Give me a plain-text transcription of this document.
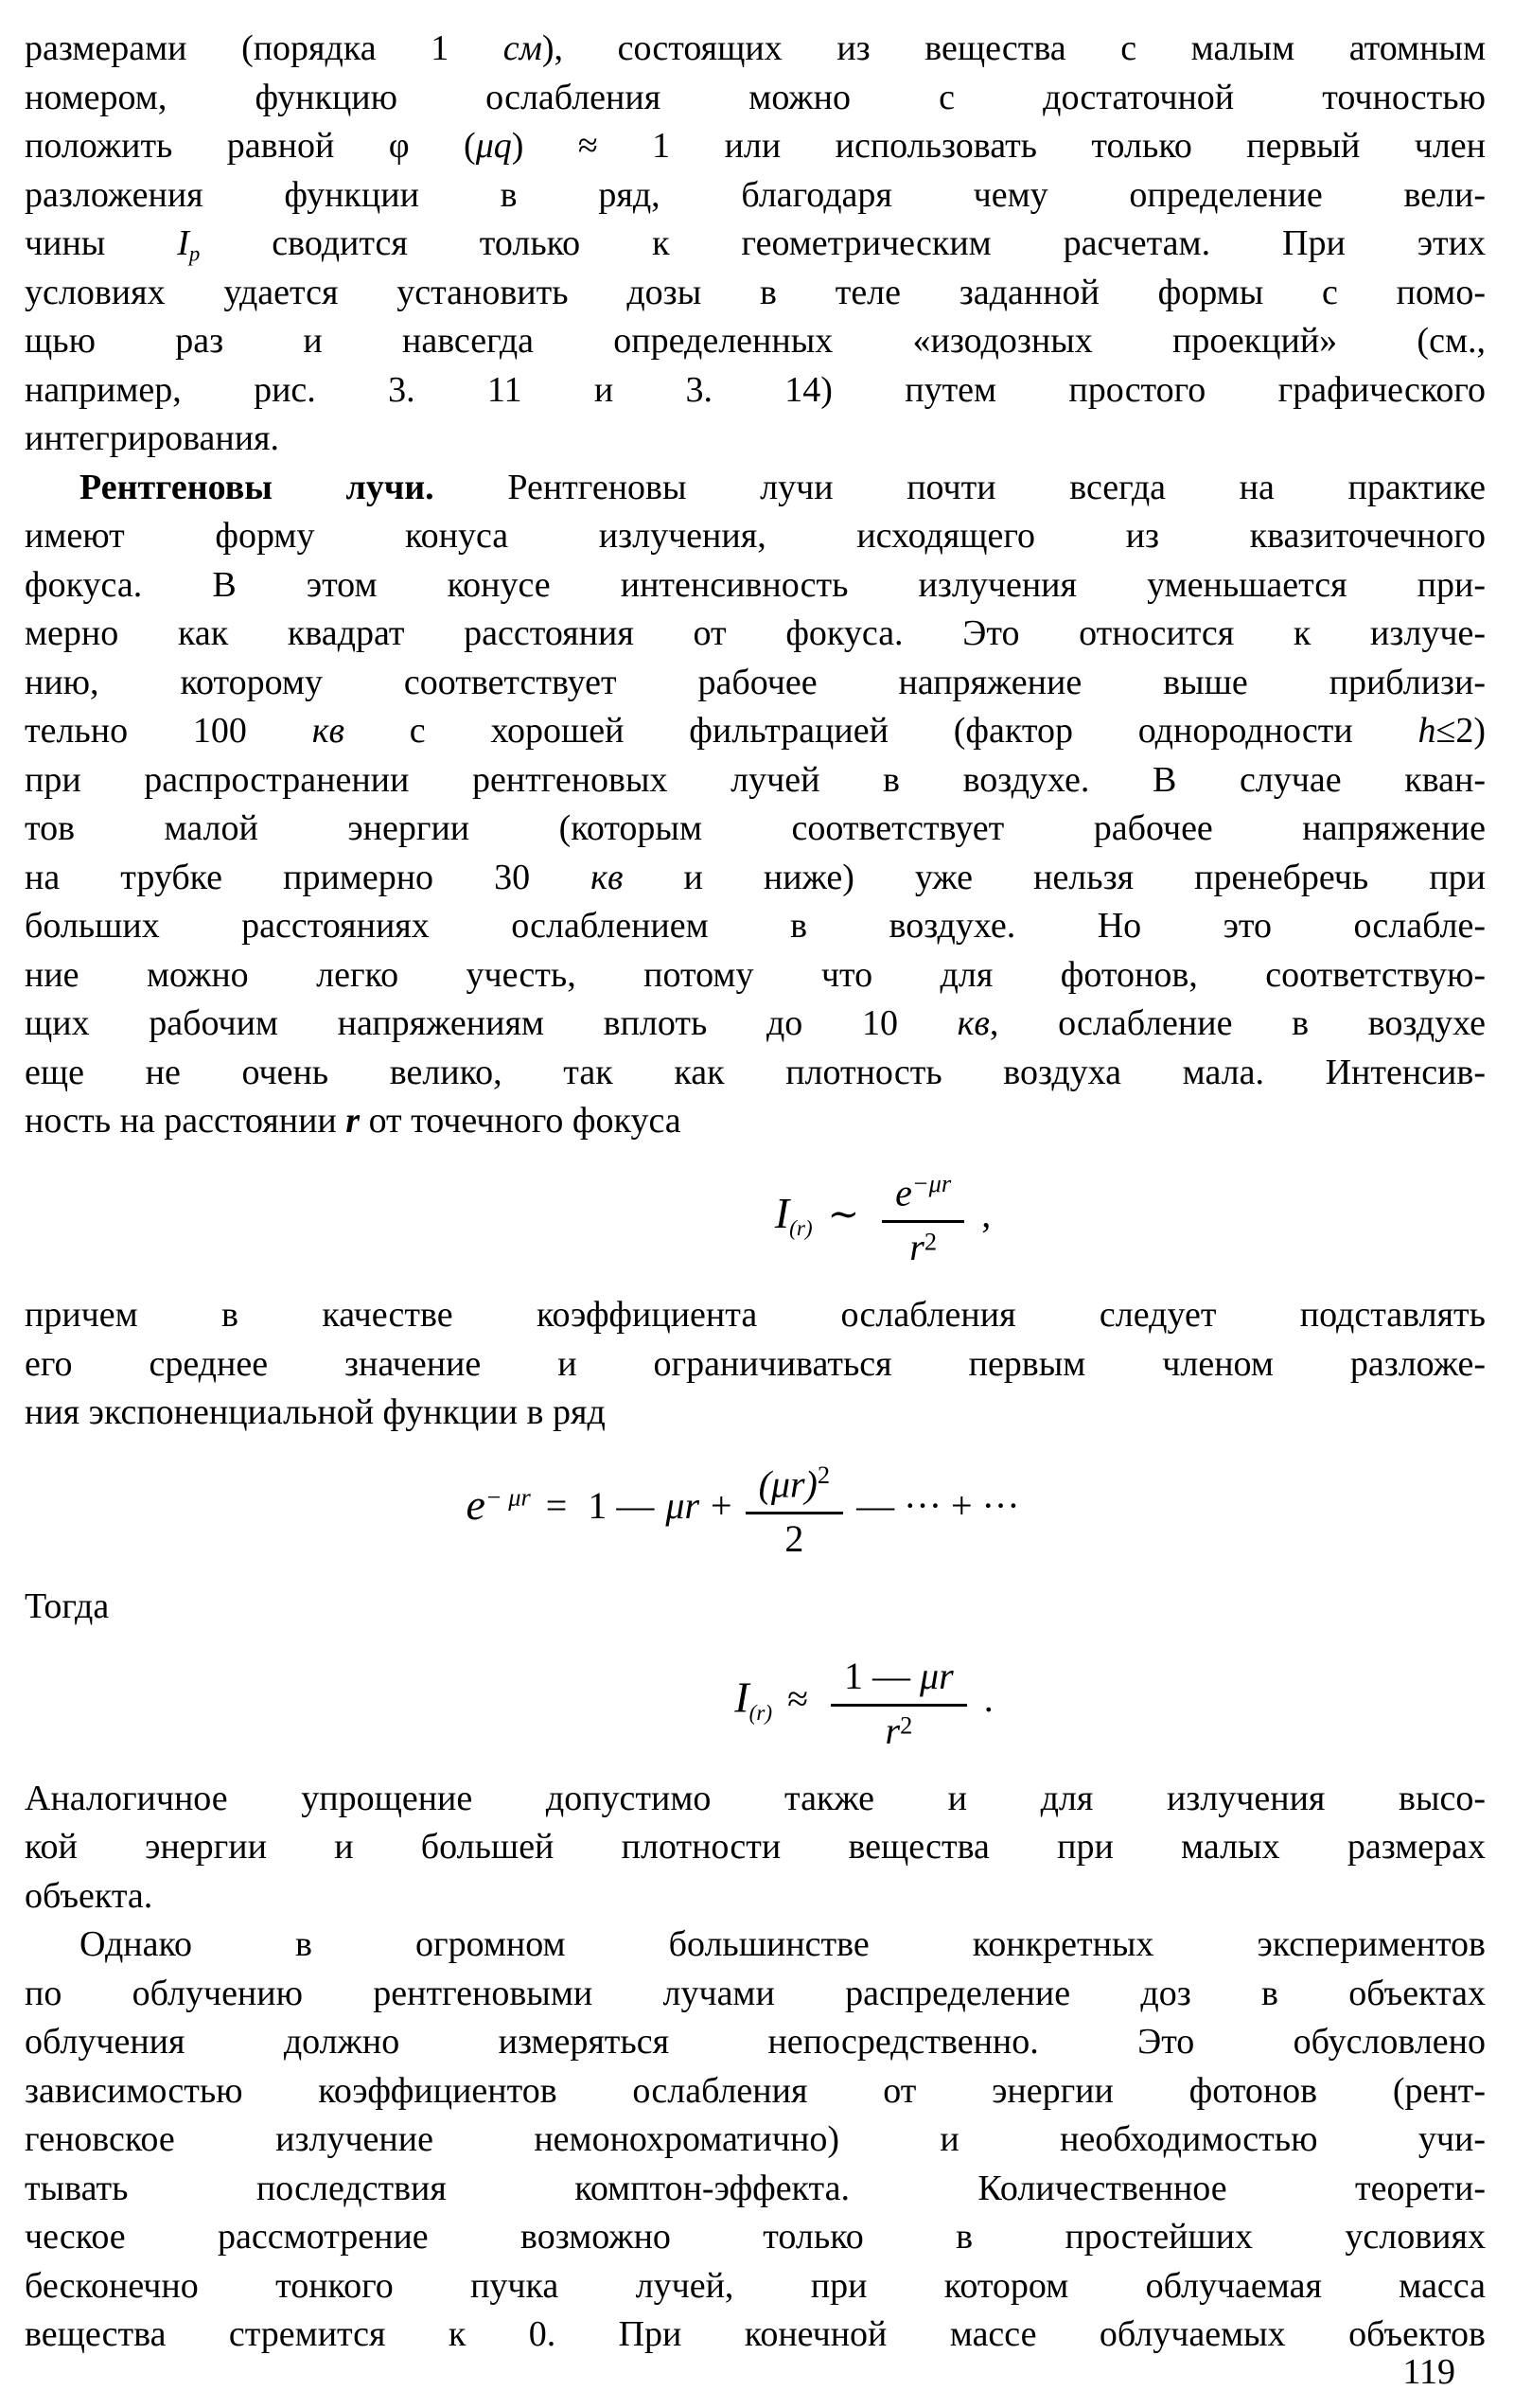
размерами (порядка 1 см), состоящих из вещества с малым атомным
номером, функцию ослабления можно с достаточной точностью
положить равной φ (μq) ≈ 1 или использовать только первый член
разложения функции в ряд, благодаря чему определение вели-
чины $I_p$ сводится только к геометрическим расчетам. При этих
условиях удается установить дозы в теле заданной формы с помо-
щью раз и навсегда определенных «изодозных проекций» (см.,
например, рис. 3. 11 и 3. 14) путем простого графического
интегрирования.
Рентгеновы лучи. Рентгеновы лучи почти всегда на практике
имеют форму конуса излучения, исходящего из квазиточечного
фокуса. В этом конусе интенсивность излучения уменьшается при-
мерно как квадрат расстояния от фокуса. Это относится к излуче-
нию, которому соответствует рабочее напряжение выше приблизи-
тельно 100 кв с хорошей фильтрацией (фактор однородности h≤2)
при распространении рентгеновых лучей в воздухе. В случае кван-
тов малой энергии (которым соответствует рабочее напряжение
на трубке примерно 30 кв и ниже) уже нельзя пренебречь при
больших расстояниях ослаблением в воздухе. Но это ослабле-
ние можно легко учесть, потому что для фотонов, соответствую-
щих рабочим напряжениям вплоть до 10 кв, ослабление в воздухе
еще не очень велико, так как плотность воздуха мала. Интенсив-
ность на расстоянии r от точечного фокуса
$I_{(r)}$ ∼ $\frac{e^{-\mu r}}{r^2}$ ,
причем в качестве коэффициента ослабления следует подставлять
его среднее значение и ограничиваться первым членом разложе-
ния экспоненциальной функции в ряд
$e^{- \mu r} = 1$ — $\mu r + \frac{(\mu r)^2}{2}$ — ··· + ···
Тогда
$I_{(r)} \approx \frac{1 — \mu r}{r^2}$ .
Аналогичное упрощение допустимо также и для излучения высо-
кой энергии и большей плотности вещества при малых размерах
объекта.
Однако в огромном большинстве конкретных экспериментов
по облучению рентгеновыми лучами распределение доз в объектах
облучения должно измеряться непосредственно. Это обусловлено
зависимостью коэффициентов ослабления от энергии фотонов (рент-
геновское излучение немонохроматично) и необходимостью учи-
тывать последствия комптон-эффекта. Количественное теорети-
ческое рассмотрение возможно только в простейших условиях
бесконечно тонкого пучка лучей, при котором облучаемая масса
вещества стремится к 0. При конечной массе облучаемых объектов
119
